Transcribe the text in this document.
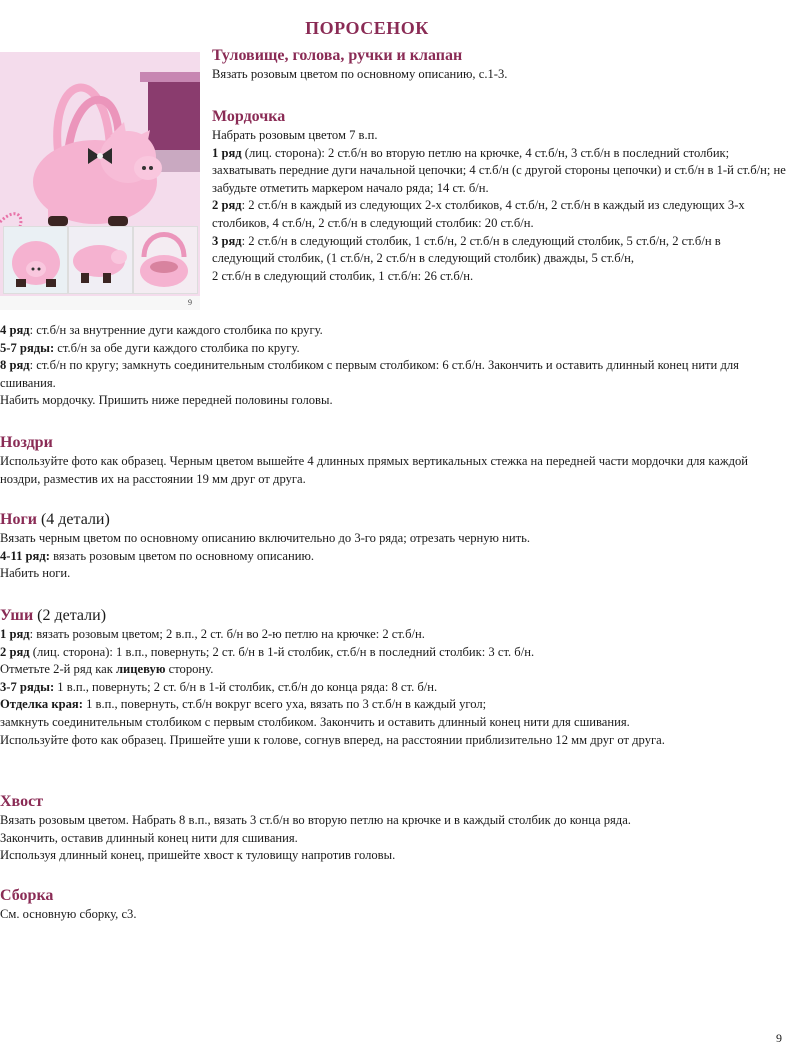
ПОРОСЕНОК
9
Туловище, голова, ручки и клапан

Вязать розовым цветом по основному описанию, с.1-3.

Мордочка

Набрать розовым цветом 7 в.п.

1 ряд (лиц. сторона): 2 ст.б/н во вторую петлю на крючке, 4 ст.б/н, 3 ст.б/н в последний столбик; захватывать передние дуги начальной цепочки; 4 ст.б/н (с другой стороны цепочки) и ст.б/н в 1-й ст.б/н; не забудьте отметить маркером начало ряда; 14 ст. б/н.

2 ряд: 2 ст.б/н в каждый из следующих 2-х столбиков, 4 ст.б/н, 2 ст.б/н в каждый из следующих 3-х столбиков, 4 ст.б/н, 2 ст.б/н в следующий столбик: 20 ст.б/н.

3 ряд: 2 ст.б/н в следующий столбик, 1 ст.б/н, 2 ст.б/н в следующий столбик, 5 ст.б/н, 2 ст.б/н в следующий столбик, (1 ст.б/н, 2 ст.б/н в следующий столбик) дважды, 5 ст.б/н,

2 ст.б/н в следующий столбик, 1 ст.б/н: 26 ст.б/н.

4 ряд: ст.б/н за внутренние дуги каждого столбика по кругу.

5-7 ряды: ст.б/н за обе дуги каждого столбика по кругу.

8 ряд: ст.б/н по кругу; замкнуть соединительным столбиком с первым столбиком: 6 ст.б/н. Закончить и оставить длинный конец нити для сшивания.

Набить мордочку. Пришить ниже передней половины головы.

Ноздри

Используйте фото как образец. Черным цветом вышейте 4 длинных прямых вертикальных стежка на передней части мордочки для каждой ноздри, разместив их на расстоянии 19 мм друг от друга.

Ноги (4 детали)

Вязать черным цветом по основному описанию включительно до 3-го ряда; отрезать черную нить.

4-11 ряд: вязать розовым цветом по основному описанию.

Набить ноги.

Уши (2 детали)

1 ряд: вязать розовым цветом; 2 в.п., 2 ст. б/н во 2-ю петлю на крючке: 2 ст.б/н.

2 ряд (лиц. сторона): 1 в.п., повернуть; 2 ст. б/н в 1-й столбик, ст.б/н в последний столбик: 3 ст. б/н.

Отметьте 2-й ряд как лицевую сторону.

3-7 ряды: 1 в.п., повернуть; 2 ст. б/н в 1-й столбик, ст.б/н до конца ряда: 8 ст. б/н.

Отделка края: 1 в.п., повернуть, ст.б/н вокруг всего уха, вязать по 3 ст.б/н в каждый угол;

замкнуть соединительным столбиком с первым столбиком. Закончить и оставить длинный конец нити для сшивания.

Используйте фото как образец. Пришейте уши к голове, согнув вперед, на расстоянии приблизительно 12 мм друг от друга.

Хвост

Вязать розовым цветом. Набрать 8 в.п., вязать 3 ст.б/н во вторую петлю на крючке и в каждый столбик до конца ряда.

Закончить, оставив длинный конец нити для сшивания.

Используя длинный конец, пришейте хвост к туловищу напротив головы.

Сборка

См. основную сборку, с3.

9
